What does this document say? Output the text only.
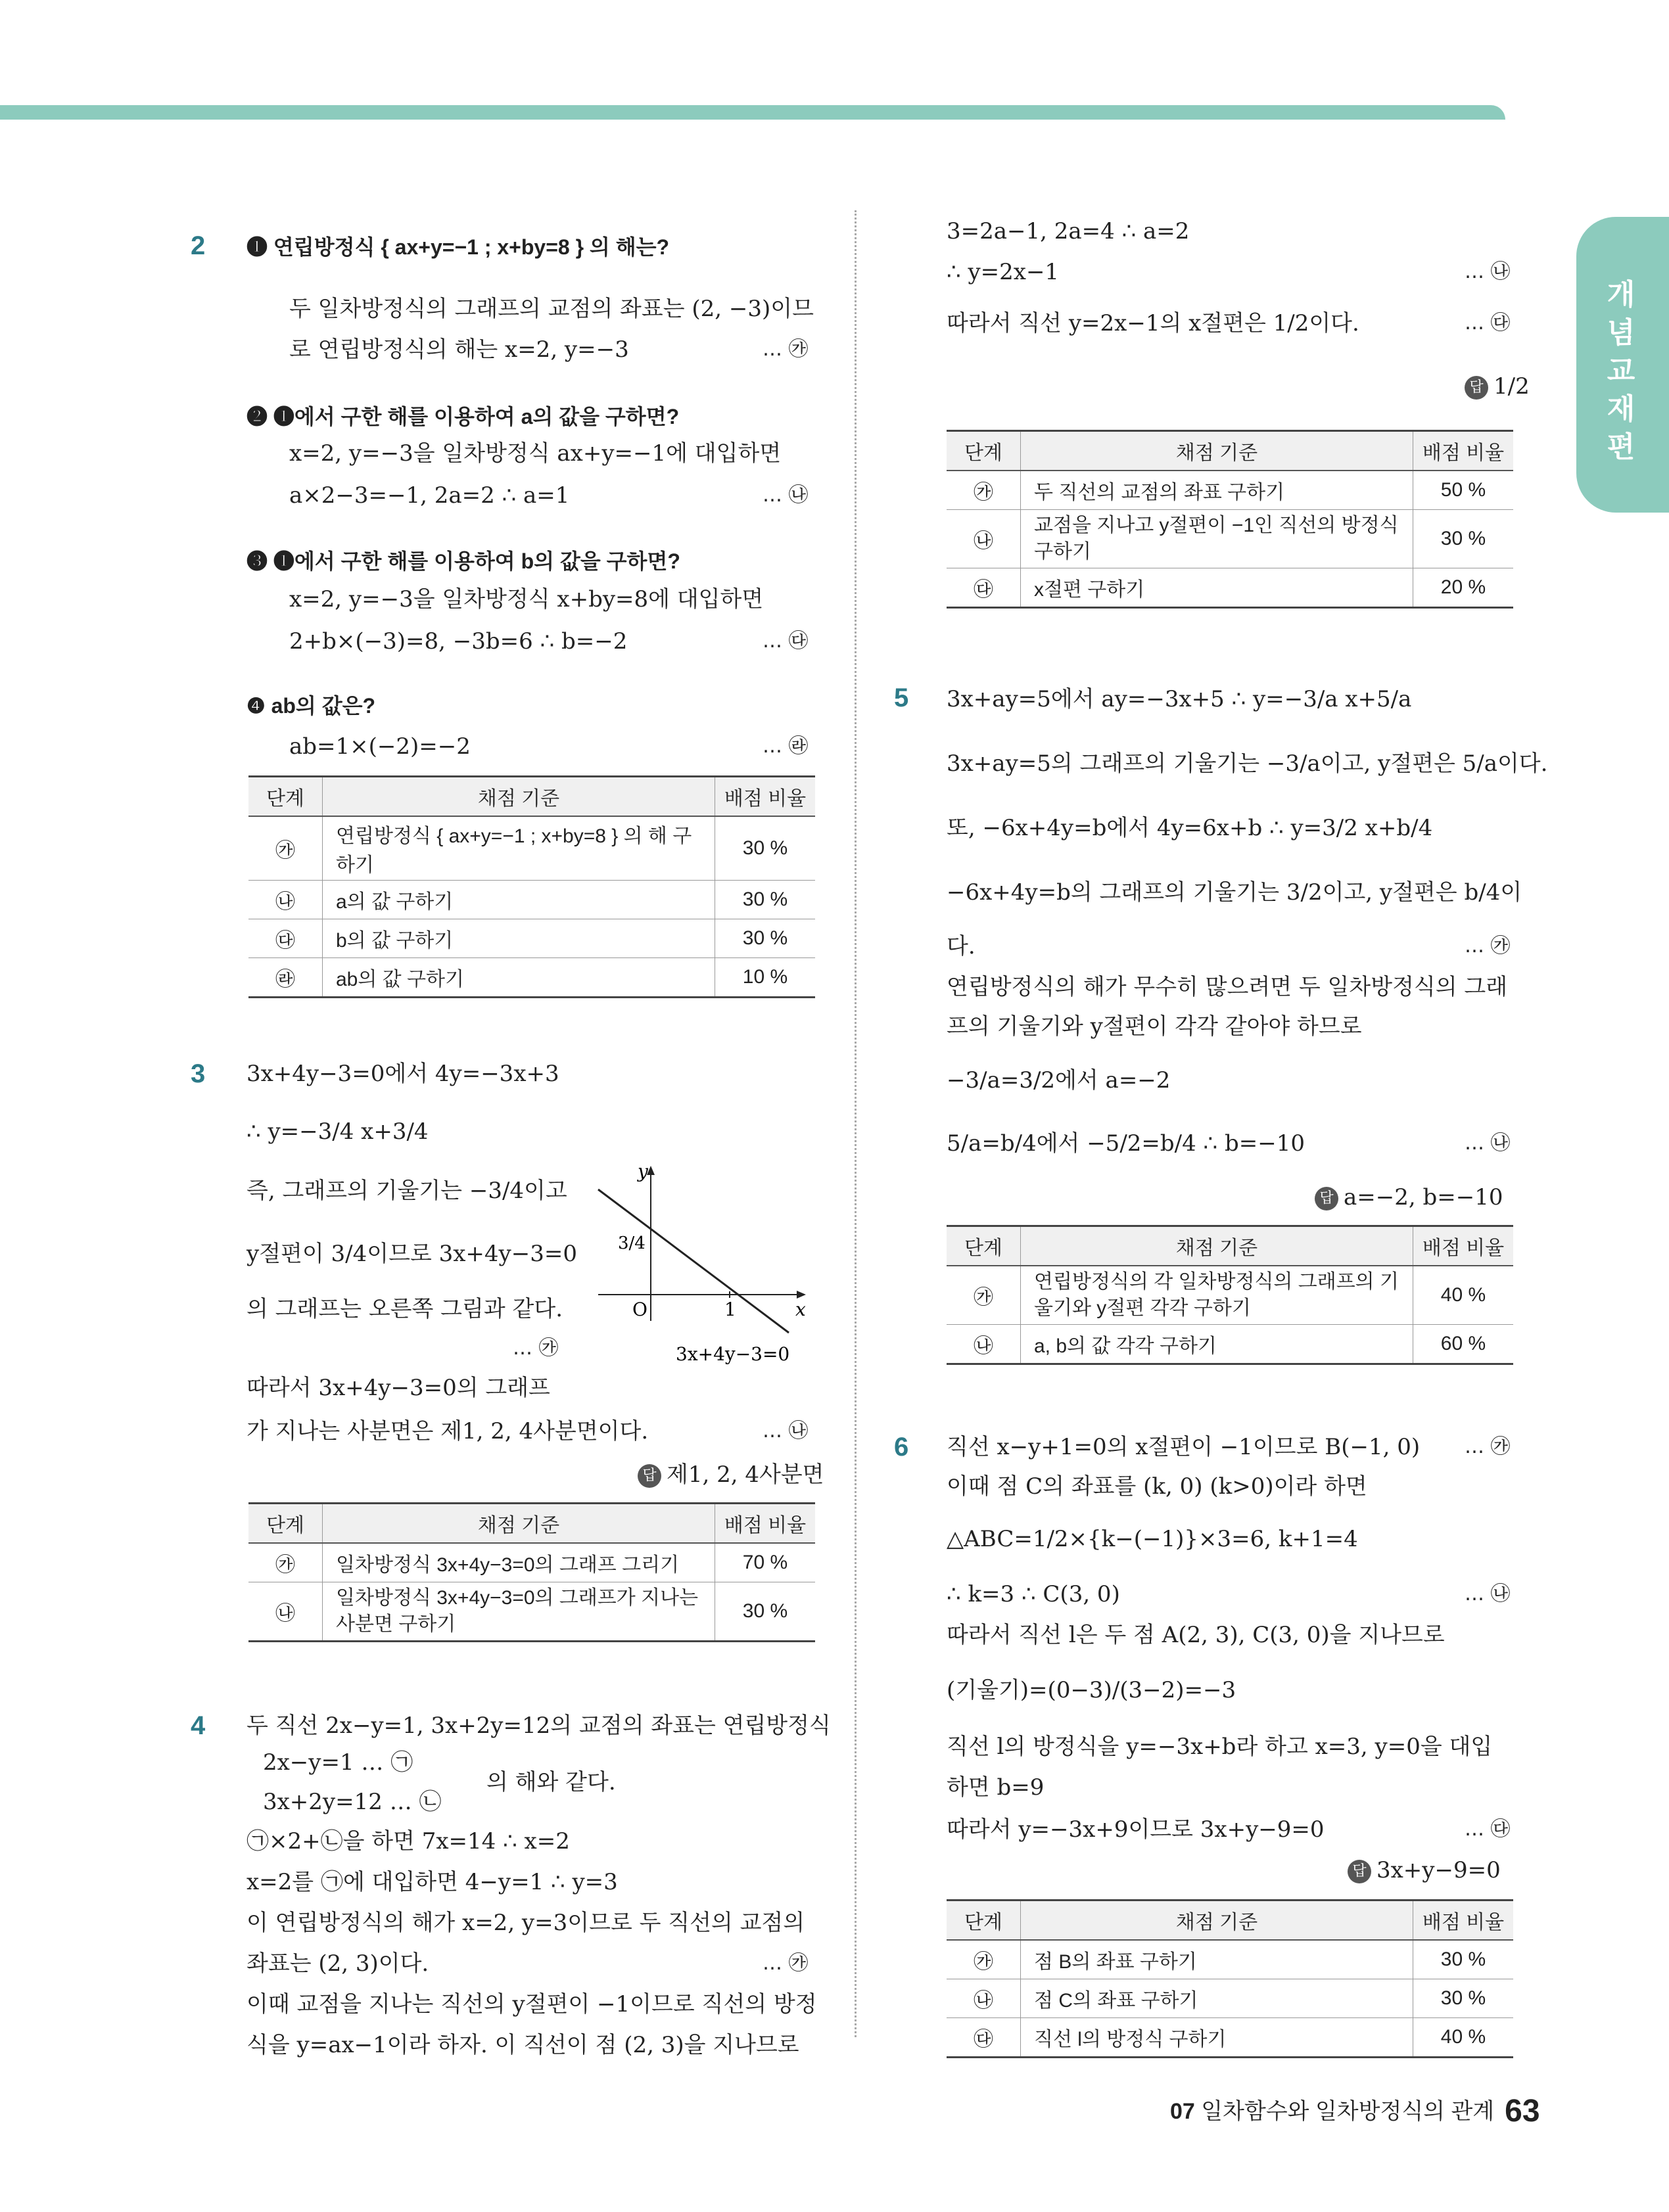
개념교재편
2 ❶ 연립방정식 { ax+y=−1 ; x+by=8 } 의 해는?
두 일차방정식의 그래프의 교점의 좌표는 (2, −3)이므
로 연립방정식의 해는 x=2, y=−3	… ㉮
❷ ❶에서 구한 해를 이용하여 a의 값을 구하면?
x=2, y=−3을 일차방정식 ax+y=−1에 대입하면
a×2−3=−1, 2a=2 ∴ a=1	… ㉯
❸ ❶에서 구한 해를 이용하여 b의 값을 구하면?
x=2, y=−3을 일차방정식 x+by=8에 대입하면
2+b×(−3)=8, −3b=6 ∴ b=−2	… ㉰
❹ ab의 값은?
ab=1×(−2)=−2	… ㉱
단계	채점 기준	배점 비율
㉮	연립방정식 { ax+y=−1 ; x+by=8 } 의 해 구하기	30 %
㉯	a의 값 구하기	30 %
㉰	b의 값 구하기	30 %
㉱	ab의 값 구하기	10 %
3 3x+4y−3=0에서 4y=−3x+3
∴ y=−3/4 x+3/4
즉, 그래프의 기울기는 −3/4이고
y절편이 3/4이므로 3x+4y−3=0
의 그래프는 오른쪽 그림과 같다.
… ㉮
따라서 3x+4y−3=0의 그래프
가 지나는 사분면은 제1, 2, 4사분면이다.	… ㉯
y
x
O	1
3/4
3x+4y−3=0
답 제1, 2, 4사분면
단계	채점 기준	배점 비율
㉮	일차방정식 3x+4y−3=0의 그래프 그리기	70 %
㉯	일차방정식 3x+4y−3=0의 그래프가 지나는 사분면 구하기	30 %
4 두 직선 2x−y=1, 3x+2y=12의 교점의 좌표는 연립방정식
2x−y=1 … ㉠
3x+2y=12 … ㉡
의 해와 같다.
㉠×2+㉡을 하면 7x=14 ∴ x=2
x=2를 ㉠에 대입하면 4−y=1 ∴ y=3
이 연립방정식의 해가 x=2, y=3이므로 두 직선의 교점의
좌표는 (2, 3)이다.	… ㉮
이때 교점을 지나는 직선의 y절편이 −1이므로 직선의 방정
식을 y=ax−1이라 하자. 이 직선이 점 (2, 3)을 지나므로
3=2a−1, 2a=4 ∴ a=2
∴ y=2x−1	… ㉯
따라서 직선 y=2x−1의 x절편은 1/2이다.	… ㉰
답 1/2
단계	채점 기준	배점 비율
㉮	두 직선의 교점의 좌표 구하기	50 %
㉯	교점을 지나고 y절편이 −1인 직선의 방정식 구하기	30 %
㉰	x절편 구하기	20 %
5 3x+ay=5에서 ay=−3x+5 ∴ y=−3/a x+5/a
3x+ay=5의 그래프의 기울기는 −3/a이고, y절편은 5/a이다.
또, −6x+4y=b에서 4y=6x+b ∴ y=3/2 x+b/4
−6x+4y=b의 그래프의 기울기는 3/2이고, y절편은 b/4이
다.	… ㉮
연립방정식의 해가 무수히 많으려면 두 일차방정식의 그래
프의 기울기와 y절편이 각각 같아야 하므로
−3/a=3/2에서 a=−2
5/a=b/4에서 −5/2=b/4 ∴ b=−10	… ㉯
답 a=−2, b=−10
단계	채점 기준	배점 비율
㉮	연립방정식의 각 일차방정식의 그래프의 기울기와 y절편 각각 구하기	40 %
㉯	a, b의 값 각각 구하기	60 %
6 직선 x−y+1=0의 x절편이 −1이므로 B(−1, 0) … ㉮
이때 점 C의 좌표를 (k, 0) (k>0)이라 하면
△ABC=1/2×{k−(−1)}×3=6, k+1=4
∴ k=3 ∴ C(3, 0)	… ㉯
따라서 직선 l은 두 점 A(2, 3), C(3, 0)을 지나므로
(기울기)=(0−3)/(3−2)=−3
직선 l의 방정식을 y=−3x+b라 하고 x=3, y=0을 대입
하면 b=9
따라서 y=−3x+9이므로 3x+y−9=0	… ㉰
답 3x+y−9=0
단계	채점 기준	배점 비율
㉮	점 B의 좌표 구하기	30 %
㉯	점 C의 좌표 구하기	30 %
㉰	직선 l의 방정식 구하기	40 %
07 일차함수와 일차방정식의 관계 63
